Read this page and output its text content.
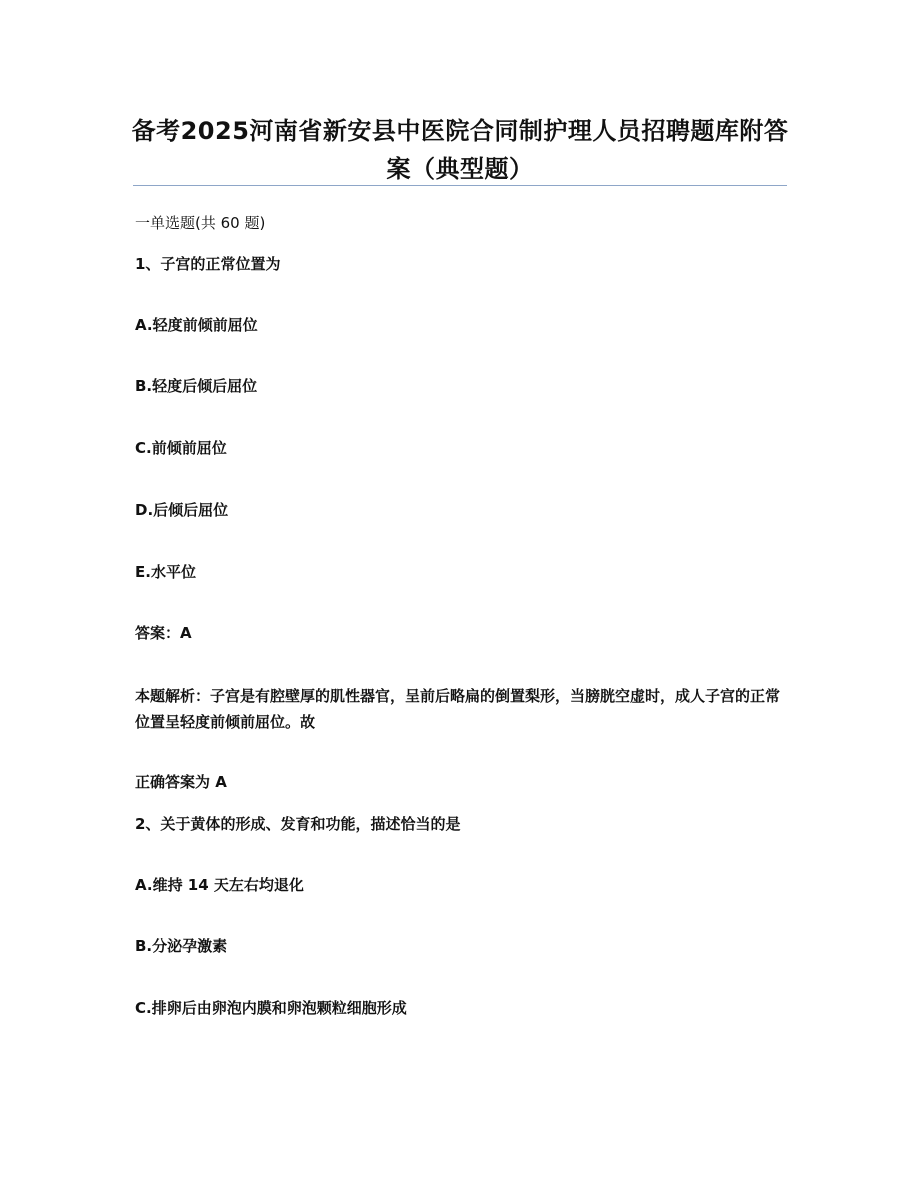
备考2025河南省新安县中医院合同制护理人员招聘题库附答案（典型题）
一单选题(共 60 题)
1、子宫的正常位置为
A.轻度前倾前屈位
B.轻度后倾后屈位
C.前倾前屈位
D.后倾后屈位
E.水平位
答案：A
本题解析：子宫是有腔壁厚的肌性器官，呈前后略扁的倒置梨形，当膀胱空虚时，成人子宫的正常位置呈轻度前倾前屈位。故
正确答案为 A
2、关于黄体的形成、发育和功能，描述恰当的是
A.维持 14 天左右均退化
B.分泌孕激素
C.排卵后由卵泡内膜和卵泡颗粒细胞形成
